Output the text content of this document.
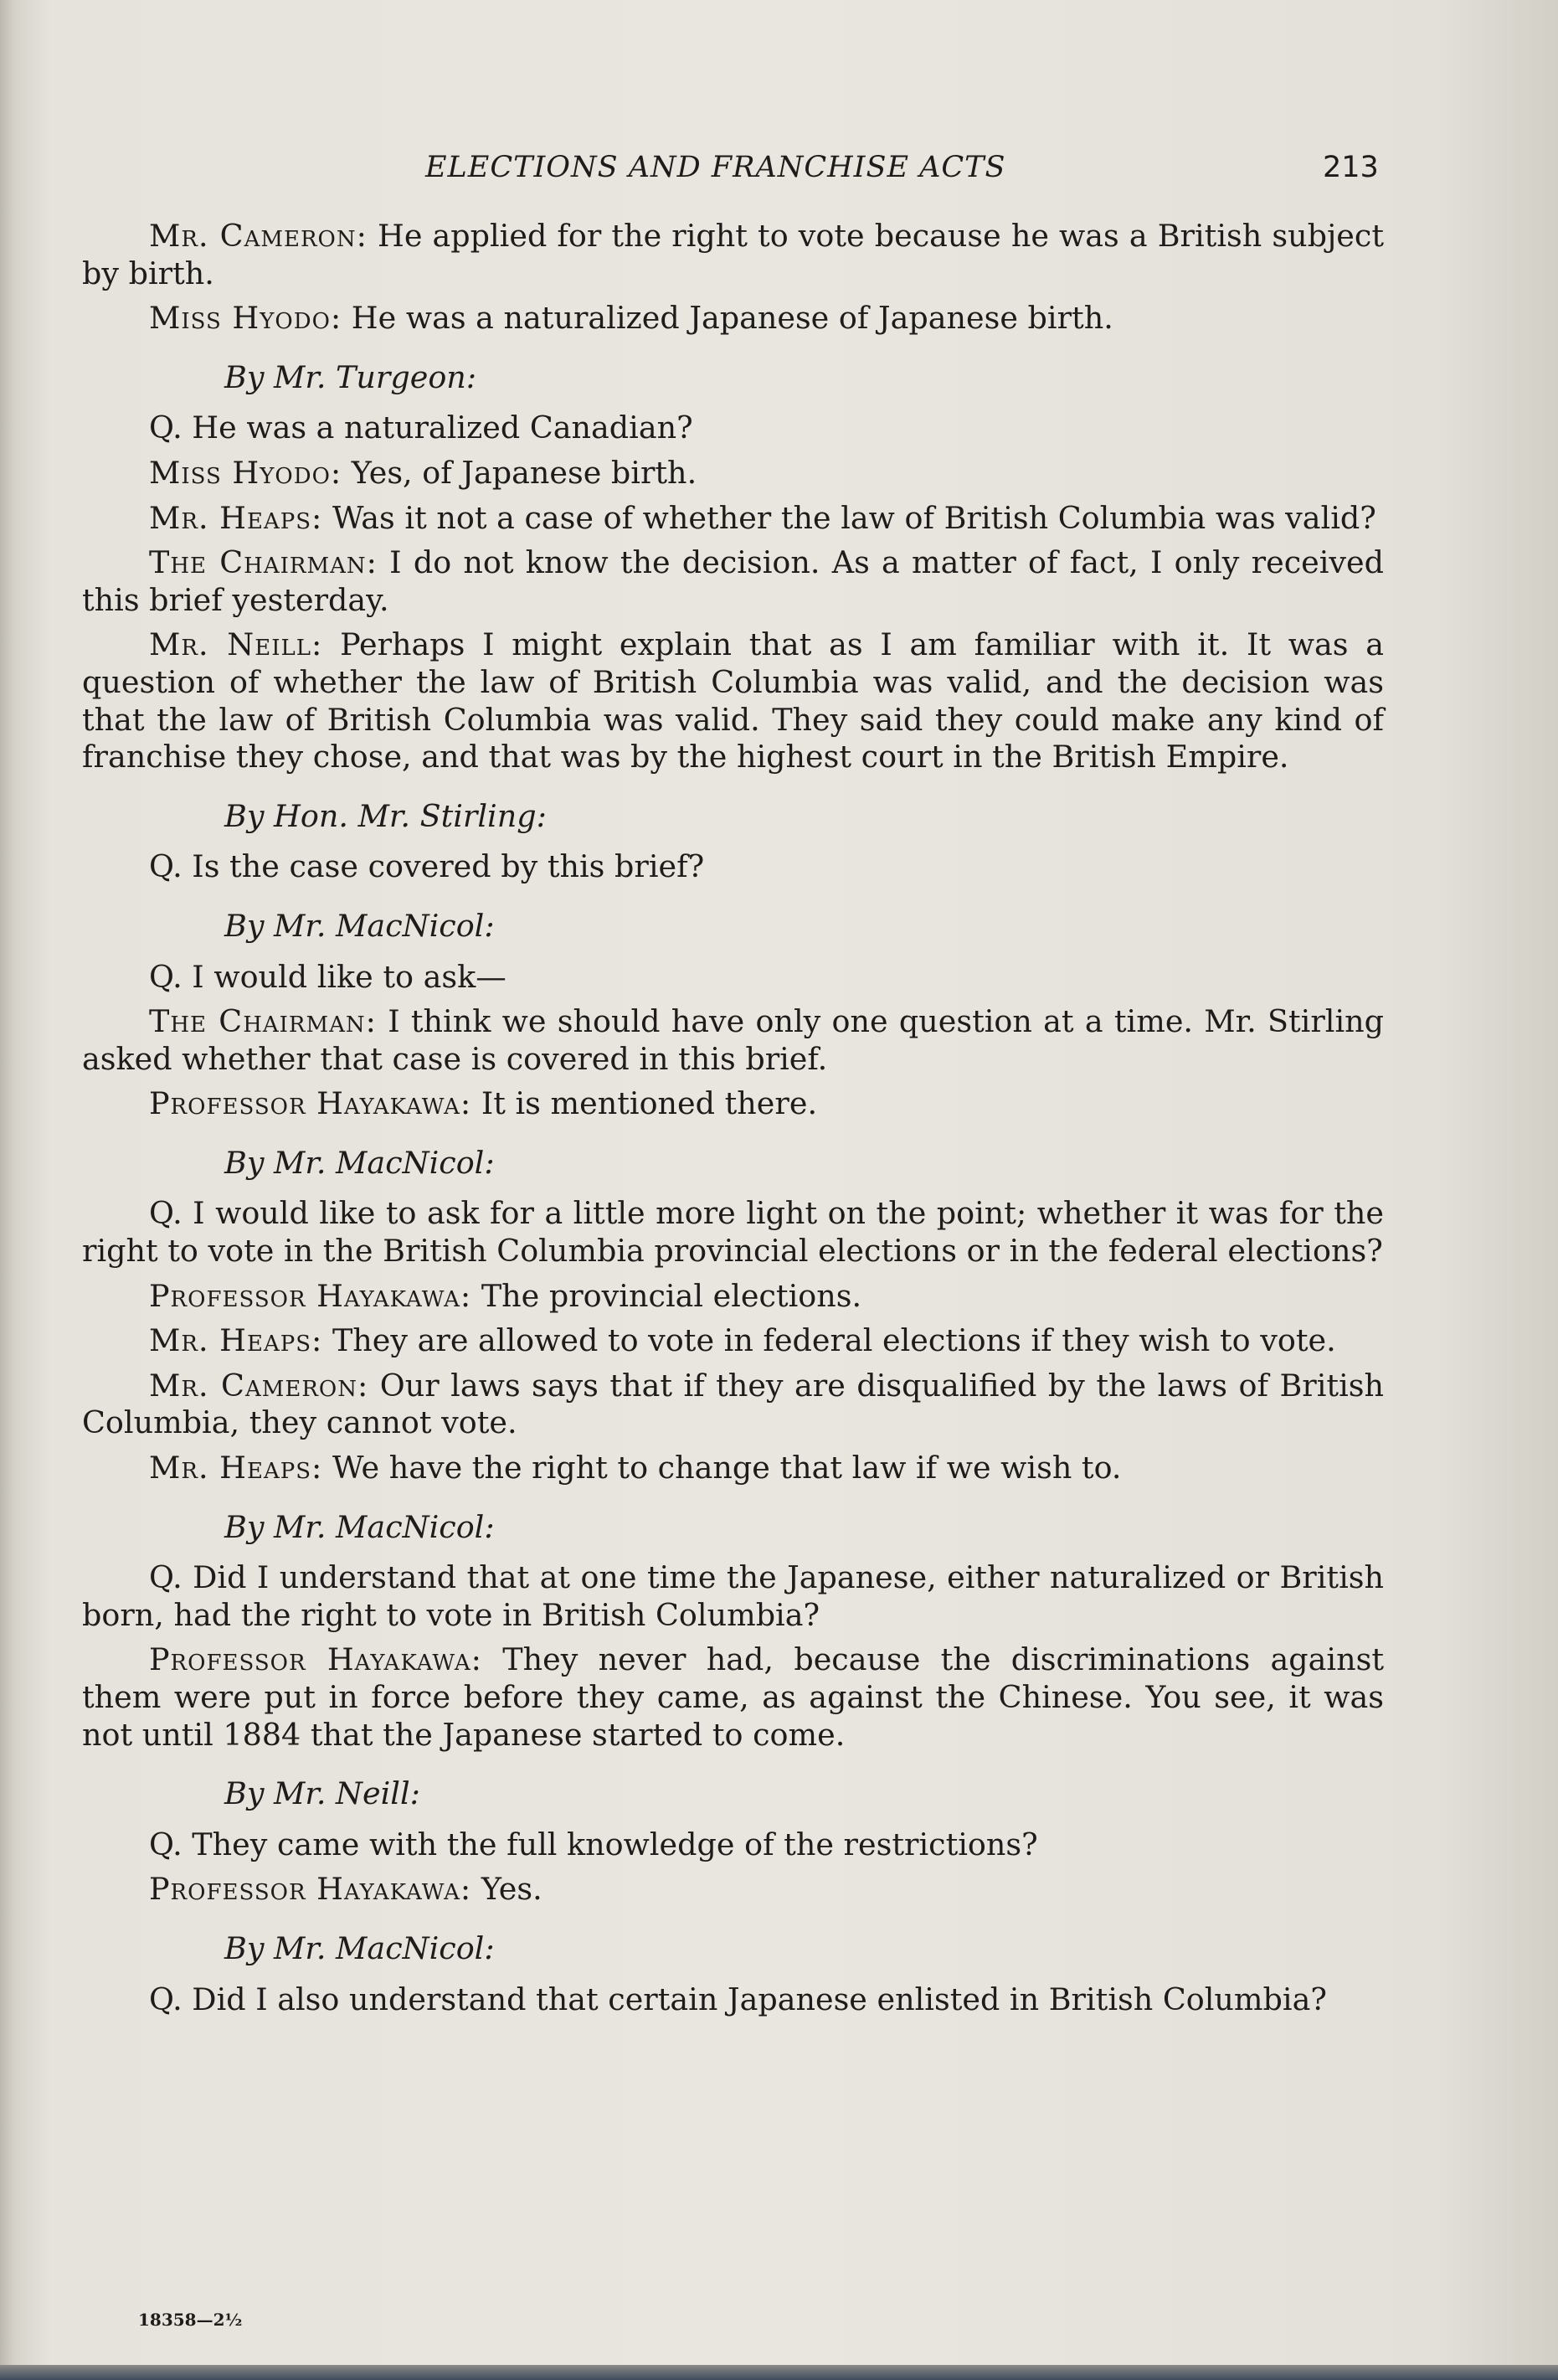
ELECTIONS AND FRANCHISE ACTS	213

Mr. Cameron: He applied for the right to vote because he was a British subject by birth.

Miss Hyodo: He was a naturalized Japanese of Japanese birth.

By Mr. Turgeon:

Q. He was a naturalized Canadian?

Miss Hyodo: Yes, of Japanese birth.

Mr. Heaps: Was it not a case of whether the law of British Columbia was valid?

The Chairman: I do not know the decision. As a matter of fact, I only received this brief yesterday.

Mr. Neill: Perhaps I might explain that as I am familiar with it. It was a question of whether the law of British Columbia was valid, and the decision was that the law of British Columbia was valid. They said they could make any kind of franchise they chose, and that was by the highest court in the British Empire.

By Hon. Mr. Stirling:

Q. Is the case covered by this brief?

By Mr. MacNicol:

Q. I would like to ask—

The Chairman: I think we should have only one question at a time. Mr. Stirling asked whether that case is covered in this brief.

Professor Hayakawa: It is mentioned there.

By Mr. MacNicol:

Q. I would like to ask for a little more light on the point; whether it was for the right to vote in the British Columbia provincial elections or in the federal elections?

Professor Hayakawa: The provincial elections.

Mr. Heaps: They are allowed to vote in federal elections if they wish to vote.

Mr. Cameron: Our laws says that if they are disqualified by the laws of British Columbia, they cannot vote.

Mr. Heaps: We have the right to change that law if we wish to.

By Mr. MacNicol:

Q. Did I understand that at one time the Japanese, either naturalized or British born, had the right to vote in British Columbia?

Professor Hayakawa: They never had, because the discriminations against them were put in force before they came, as against the Chinese. You see, it was not until 1884 that the Japanese started to come.

By Mr. Neill:

Q. They came with the full knowledge of the restrictions?

Professor Hayakawa: Yes.

By Mr. MacNicol:

Q. Did I also understand that certain Japanese enlisted in British Columbia?

18358—2½
